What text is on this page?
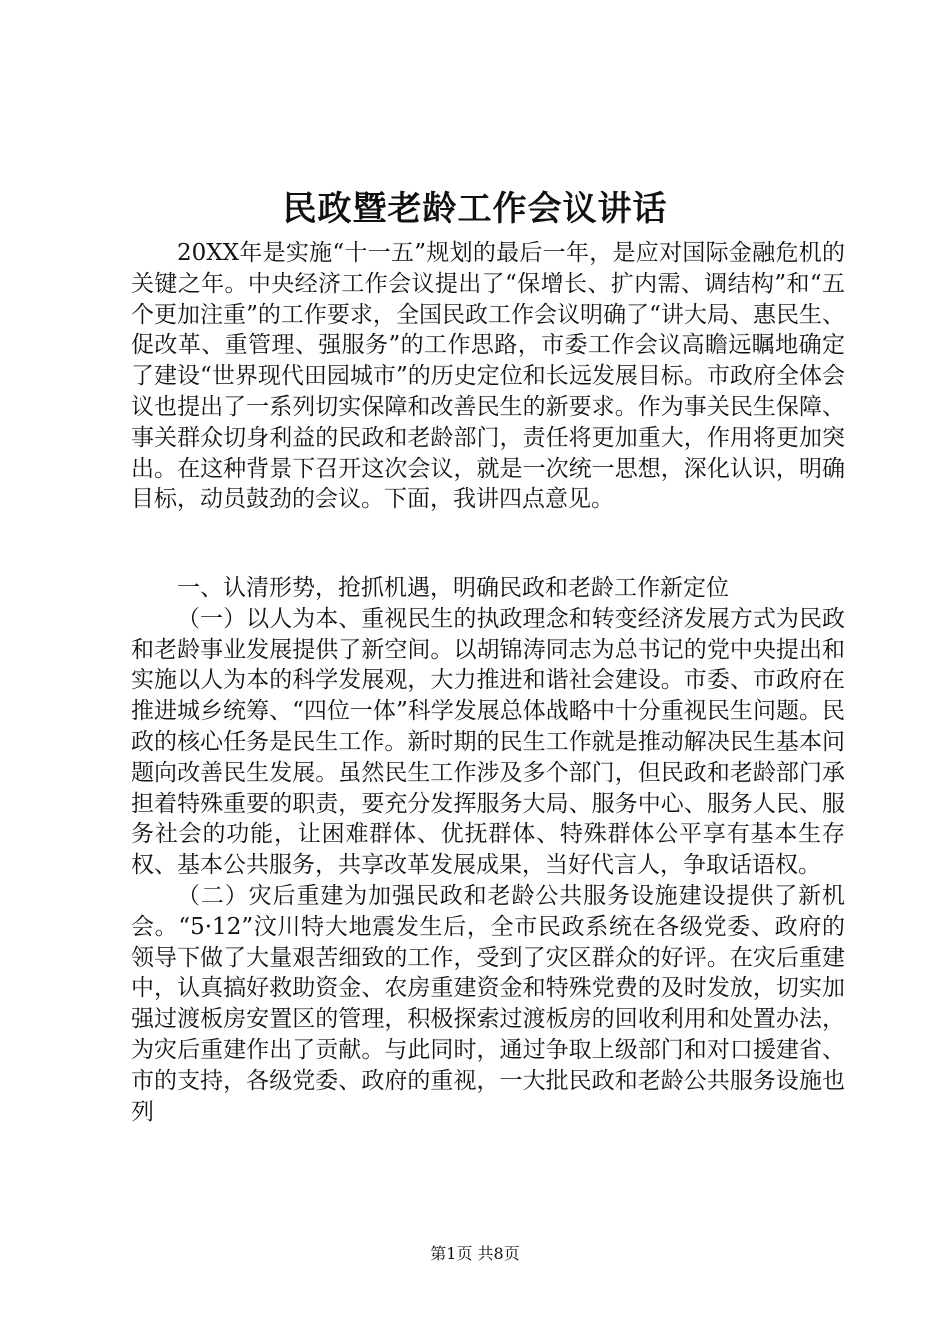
民政暨老龄工作会议讲话

20XX年是实施“十一五”规划的最后一年，是应对国际金融危机的关键之年。中央经济工作会议提出了“保增长、扩内需、调结构”和“五个更加注重”的工作要求，全国民政工作会议明确了“讲大局、惠民生、促改革、重管理、强服务”的工作思路，市委工作会议高瞻远瞩地确定了建设“世界现代田园城市”的历史定位和长远发展目标。市政府全体会议也提出了一系列切实保障和改善民生的新要求。作为事关民生保障、事关群众切身利益的民政和老龄部门，责任将更加重大，作用将更加突出。在这种背景下召开这次会议，就是一次统一思想，深化认识，明确目标，动员鼓劲的会议。下面，我讲四点意见。

一、认清形势，抢抓机遇，明确民政和老龄工作新定位

（一）以人为本、重视民生的执政理念和转变经济发展方式为民政和老龄事业发展提供了新空间。以胡锦涛同志为总书记的党中央提出和实施以人为本的科学发展观，大力推进和谐社会建设。市委、市政府在推进城乡统筹、“四位一体”科学发展总体战略中十分重视民生问题。民政的核心任务是民生工作。新时期的民生工作就是推动解决民生基本问题向改善民生发展。虽然民生工作涉及多个部门，但民政和老龄部门承担着特殊重要的职责，要充分发挥服务大局、服务中心、服务人民、服务社会的功能，让困难群体、优抚群体、特殊群体公平享有基本生存权、基本公共服务，共享改革发展成果，当好代言人，争取话语权。

（二）灾后重建为加强民政和老龄公共服务设施建设提供了新机会。“5·12”汶川特大地震发生后，全市民政系统在各级党委、政府的领导下做了大量艰苦细致的工作，受到了灾区群众的好评。在灾后重建中，认真搞好救助资金、农房重建资金和特殊党费的及时发放，切实加强过渡板房安置区的管理，积极探索过渡板房的回收利用和处置办法，为灾后重建作出了贡献。与此同时，通过争取上级部门和对口援建省、市的支持，各级党委、政府的重视，一大批民政和老龄公共服务设施也列

第1页 共8页
